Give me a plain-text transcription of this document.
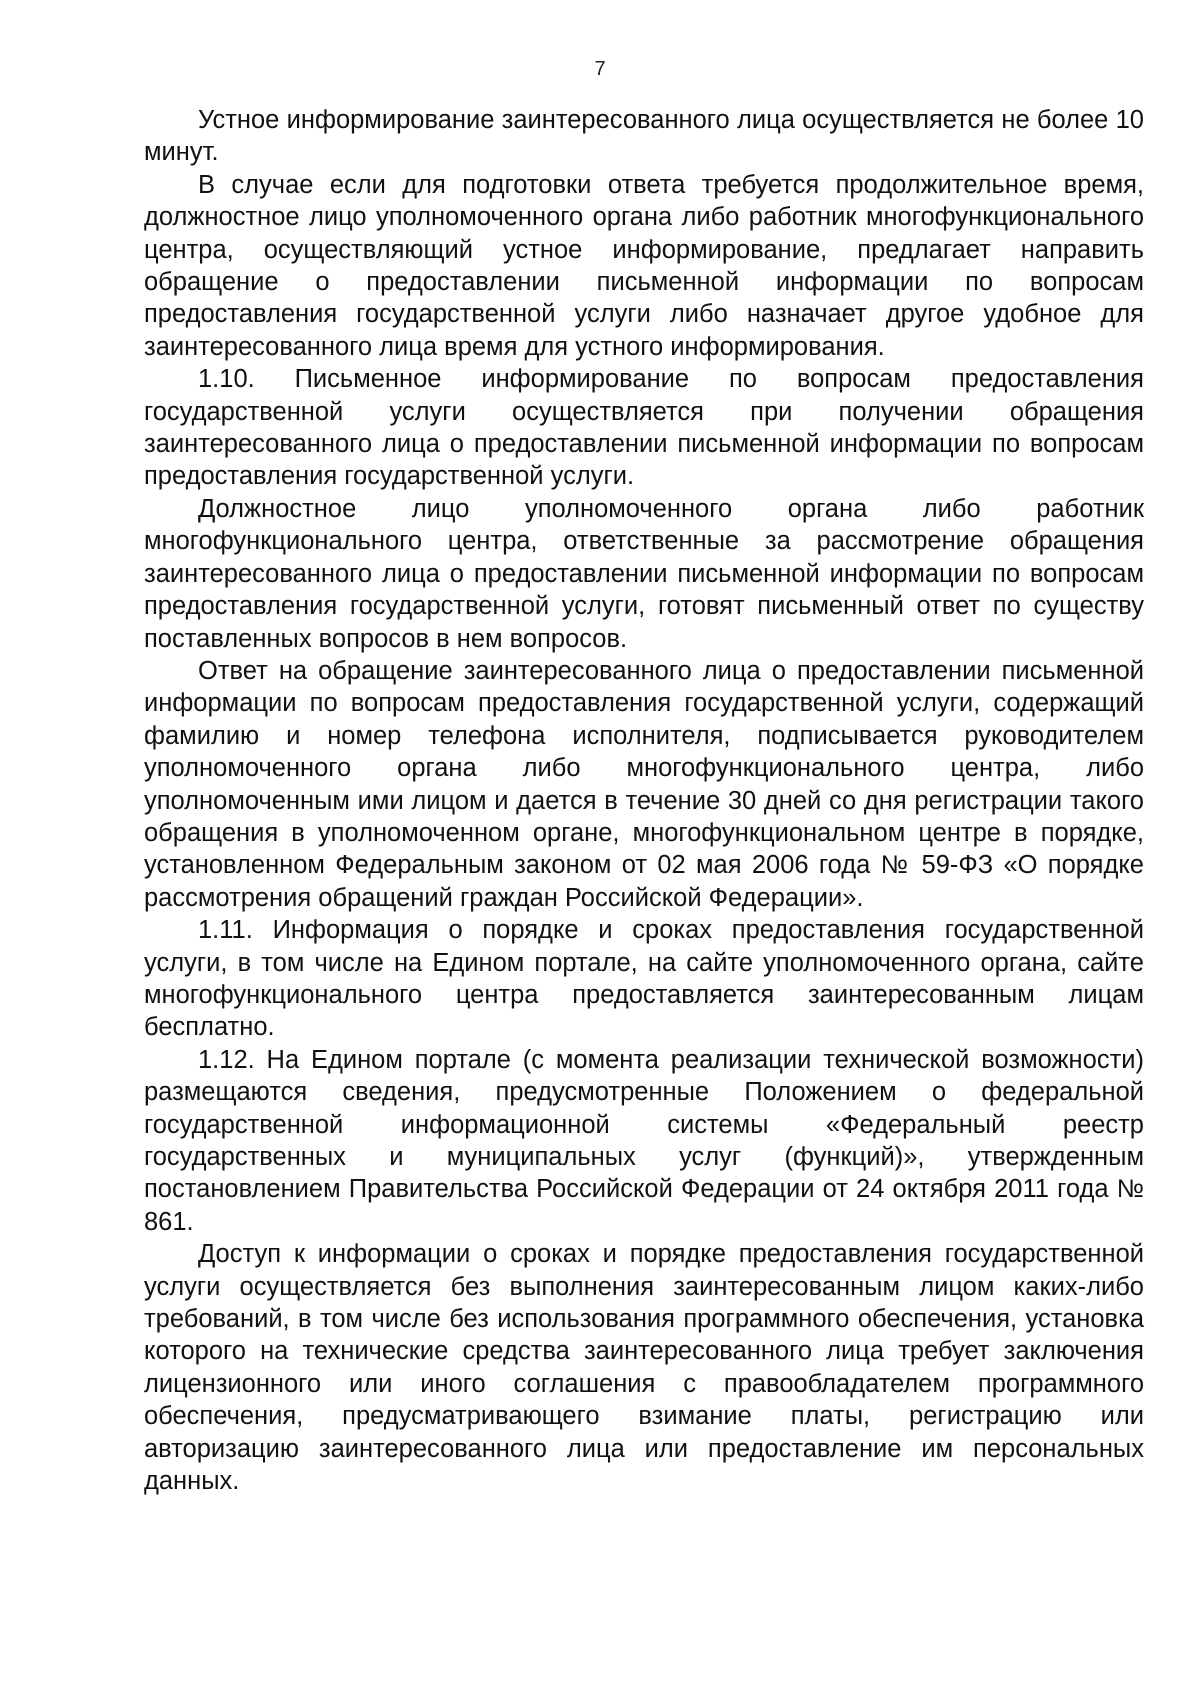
7

Устное информирование заинтересованного лица осуществляется не более 10 минут.

В случае если для подготовки ответа требуется продолжительное время, должностное лицо уполномоченного органа либо работник многофункционального центра, осуществляющий устное информирование, предлагает направить обращение о предоставлении письменной информации по вопросам предоставления государственной услуги либо назначает другое удобное для заинтересованного лица время для устного информирования.

1.10. Письменное информирование по вопросам предоставления государственной услуги осуществляется при получении обращения заинтересованного лица о предоставлении письменной информации по вопросам предоставления государственной услуги.

Должностное лицо уполномоченного органа либо работник многофункционального центра, ответственные за рассмотрение обращения заинтересованного лица о предоставлении письменной информации по вопросам предоставления государственной услуги, готовят письменный ответ по существу поставленных вопросов в нем вопросов.

Ответ на обращение заинтересованного лица о предоставлении письменной информации по вопросам предоставления государственной услуги, содержащий фамилию и номер телефона исполнителя, подписывается руководителем уполномоченного органа либо многофункционального центра, либо уполномоченным ими лицом и дается в течение 30 дней со дня регистрации такого обращения в уполномоченном органе, многофункциональном центре в порядке, установленном Федеральным законом от 02 мая 2006 года № 59-ФЗ «О порядке рассмотрения обращений граждан Российской Федерации».

1.11. Информация о порядке и сроках предоставления государственной услуги, в том числе на Едином портале, на сайте уполномоченного органа, сайте многофункционального центра предоставляется заинтересованным лицам бесплатно.

1.12. На Едином портале (с момента реализации технической возможности) размещаются сведения, предусмотренные Положением о федеральной государственной информационной системы «Федеральный реестр государственных и муниципальных услуг (функций)», утвержденным постановлением Правительства Российской Федерации от 24 октября 2011 года № 861.

Доступ к информации о сроках и порядке предоставления государственной услуги осуществляется без выполнения заинтересованным лицом каких-либо требований, в том числе без использования программного обеспечения, установка которого на технические средства заинтересованного лица требует заключения лицензионного или иного соглашения с правообладателем программного обеспечения, предусматривающего взимание платы, регистрацию или авторизацию заинтересованного лица или предоставление им персональных данных.
